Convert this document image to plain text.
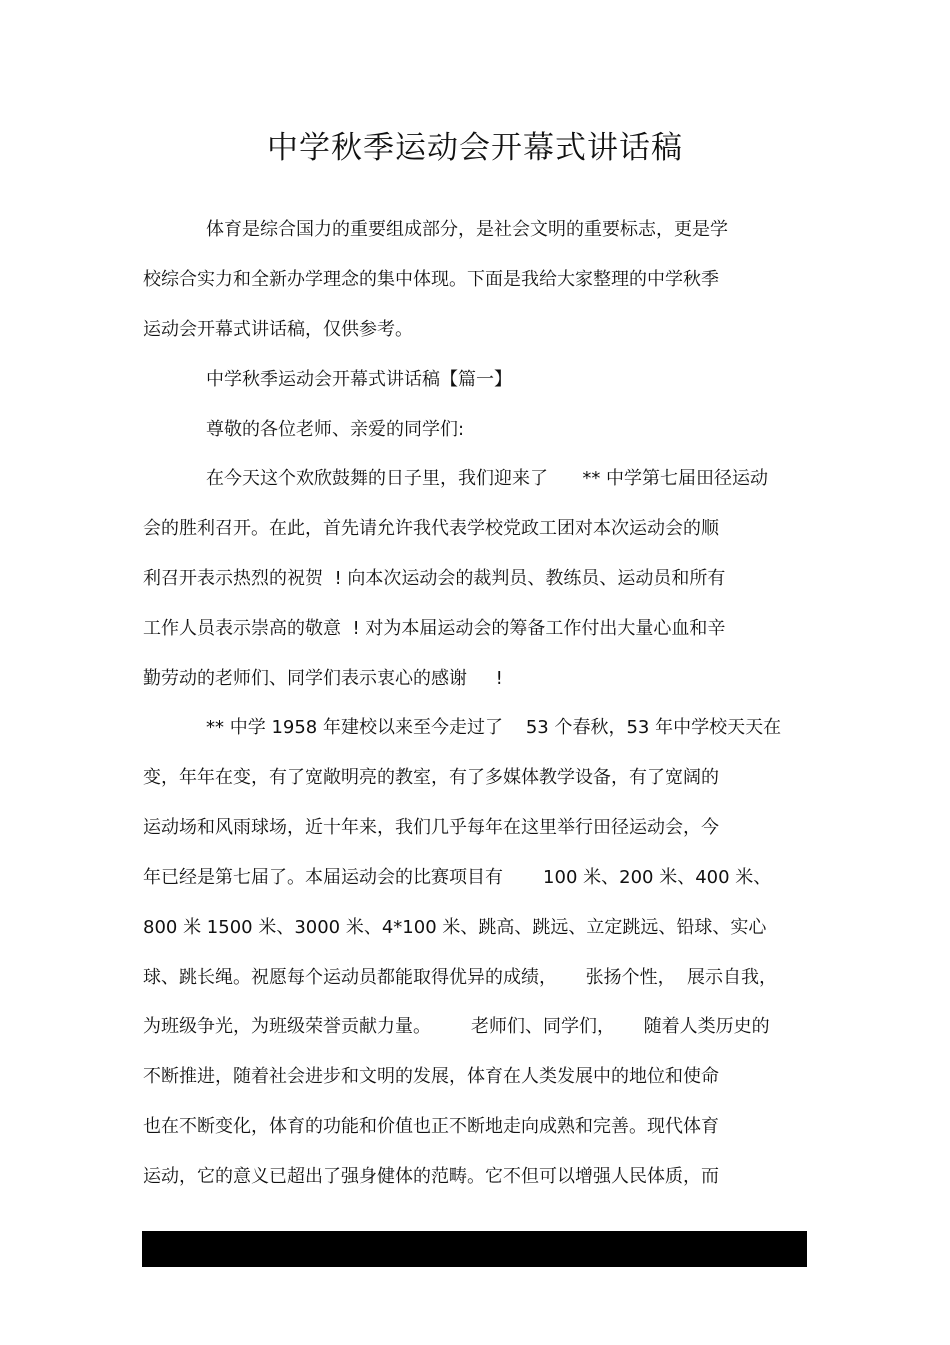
中学秋季运动会开幕式讲话稿
体育是综合国力的重要组成部分，是社会文明的重要标志，更是学
校综合实力和全新办学理念的集中体现。下面是我给大家整理的中学秋季
运动会开幕式讲话稿，仅供参考。
中学秋季运动会开幕式讲话稿【篇一】
尊敬的各位老师、亲爱的同学们:
在今天这个欢欣鼓舞的日子里，我们迎来了      ** 中学第七届田径运动
会的胜利召开。在此，首先请允许我代表学校党政工团对本次运动会的顺
利召开表示热烈的祝贺  ! 向本次运动会的裁判员、教练员、运动员和所有
工作人员表示崇高的敬意  ! 对为本届运动会的筹备工作付出大量心血和辛
勤劳动的老师们、同学们表示衷心的感谢     !
** 中学 1958 年建校以来至今走过了    53 个春秋，53 年中学校天天在
变，年年在变，有了宽敞明亮的教室，有了多媒体教学设备，有了宽阔的
运动场和风雨球场，近十年来，我们几乎每年在这里举行田径运动会，今
年已经是第七届了。本届运动会的比赛项目有       100 米、200 米、400 米、
800 米 1500 米、3000 米、4*100 米、跳高、跳远、立定跳远、铅球、实心
球、跳长绳。祝愿每个运动员都能取得优异的成绩，     张扬个性，  展示自我，
为班级争光，为班级荣誉贡献力量。       老师们、同学们，     随着人类历史的
不断推进，随着社会进步和文明的发展，体育在人类发展中的地位和使命
也在不断变化，体育的功能和价值也正不断地走向成熟和完善。现代体育
运动，它的意义已超出了强身健体的范畴。它不但可以增强人民体质，而
